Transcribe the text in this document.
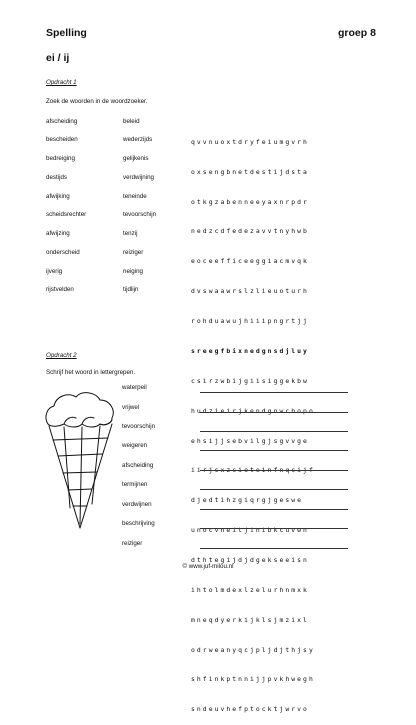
Spelling	groep 8
ei / ij
Opdracht 1
Zoek de woorden in de woordzoeker.
afscheiding
bescheiden
bedreiging
destijds
afwijking
scheidsrechter
afwijzing
onderscheid
ijverig
rijstvelden
beleid
wederzijds
gelijkenis
verdwijning
teneinde
tevoorschijn
tenzij
reiziger
neiging
tijdlijn

qvvnuoxtdryfeiumgvrh

oxsengbnetdestijdsta

otkgzabenneeyaxnrpdr

nedzcdfedezavvtnyhwb

eoceefficeeggiacmvqk

dvswaawrslzlieuoturh

rohduawujhiiipngrtjj

sreegfbixnedgnsdjluy

csirzwbijgiisiggekbw

hudzieirjkendgnwcbopo

ehsijjsebvilgjsgvvge

iirjsxzcieteinfnqcijf

djedtihzgiqrgjgeswe

unocvneitjinibkcuvwn

dthtegijdjdgekseeisn

ihtolmdexlzelurhnmxk

mneqdyerkijklsjmzixl

odrweanyqcjpljdjthjsy

shfinkptnnijjpvkhwegh

sndeuvhefptocktjwrvo

Opdracht 2
Schrijf het woord in lettergrepen.
waterpeil
vrijwel
tevoorschijn
weigeren
afscheiding
termijnen
verdwijnen
beschrijving
reiziger
© www.juf-milou.nl
